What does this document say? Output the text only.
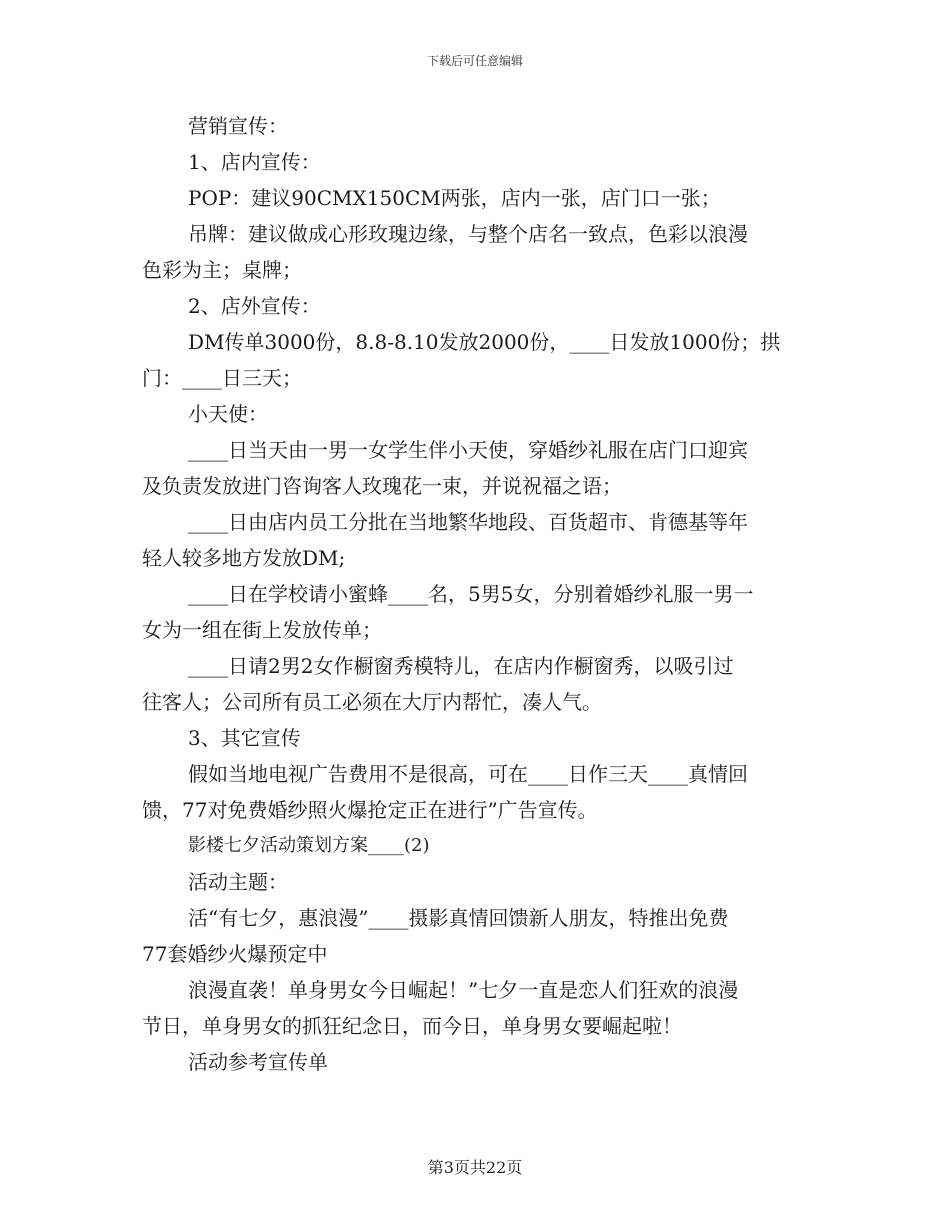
下载后可任意编辑
营销宣传：
1、店内宣传：
POP：建议90CMX150CM两张，店内一张，店门口一张；
吊牌：建议做成心形玫瑰边缘，与整个店名一致点，色彩以浪漫
色彩为主；桌牌；
2、店外宣传：
DM传单3000份，8.8-8.10发放2000份，____日发放1000份；拱
门：____日三天；
小天使：
____日当天由一男一女学生伴小天使，穿婚纱礼服在店门口迎宾
及负责发放进门咨询客人玫瑰花一束，并说祝福之语；
____日由店内员工分批在当地繁华地段、百货超市、肯德基等年
轻人较多地方发放DM;
____日在学校请小蜜蜂____名，5男5女，分别着婚纱礼服一男一
女为一组在街上发放传单；
____日请2男2女作橱窗秀模特儿，在店内作橱窗秀，以吸引过
往客人；公司所有员工必须在大厅内帮忙，凑人气。
3、其它宣传
假如当地电视广告费用不是很高，可在____日作三天____真情回
馈，77对免费婚纱照火爆抢定正在进行”广告宣传。
影楼七夕活动策划方案____(2)
活动主题：
活“有七夕，惠浪漫”____摄影真情回馈新人朋友，特推出免费
77套婚纱火爆预定中
浪漫直袭！单身男女今日崛起！”七夕一直是恋人们狂欢的浪漫
节日，单身男女的抓狂纪念日，而今日，单身男女要崛起啦！
活动参考宣传单
第3页共22页
